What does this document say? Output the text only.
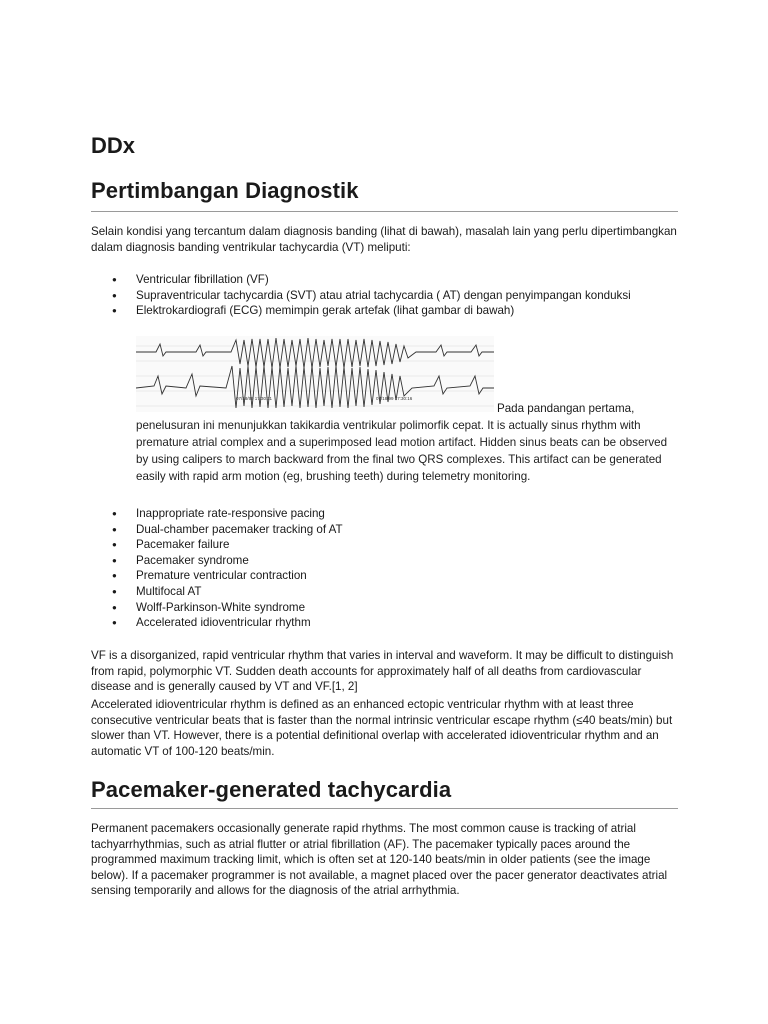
DDx
Pertimbangan Diagnostik

Selain kondisi yang tercantum dalam diagnosis banding (lihat di bawah), masalah lain yang perlu dipertimbangkan dalam diagnosis banding ventrikular tachycardia (VT) meliputi:

● Ventricular fibrillation (VF)
● Supraventricular tachycardia (SVT) atau atrial tachycardia ( AT) dengan penyimpangan konduksi
● Elektrokardiografi (ECG) memimpin gerak artefak (lihat gambar di bawah)
07/18/99 17:30:11	07/18/99 17:30:16

Pada pandangan pertama,

penelusuran ini menunjukkan takikardia ventrikular polimorfik cepat. It is actually sinus rhythm with premature atrial complex and a superimposed lead motion artifact. Hidden sinus beats can be observed by using calipers to march backward from the final two QRS complexes. This artifact can be generated easily with rapid arm motion (eg, brushing teeth) during telemetry monitoring.

● Inappropriate rate-responsive pacing
● Dual-chamber pacemaker tracking of AT
● Pacemaker failure
● Pacemaker syndrome
● Premature ventricular contraction
● Multifocal AT
● Wolff-Parkinson-White syndrome
● Accelerated idioventricular rhythm

VF is a disorganized, rapid ventricular rhythm that varies in interval and waveform. It may be difficult to distinguish from rapid, polymorphic VT. Sudden death accounts for approximately half of all deaths from cardiovascular disease and is generally caused by VT and VF.[1, 2]

Accelerated idioventricular rhythm is defined as an enhanced ectopic ventricular rhythm with at least three consecutive ventricular beats that is faster than the normal intrinsic ventricular escape rhythm (≤40 beats/min) but slower than VT. However, there is a potential definitional overlap with accelerated idioventricular rhythm and an automatic VT of 100-120 beats/min.

Pacemaker-generated tachycardia

Permanent pacemakers occasionally generate rapid rhythms. The most common cause is tracking of atrial tachyarrhythmias, such as atrial flutter or atrial fibrillation (AF). The pacemaker typically paces around the programmed maximum tracking limit, which is often set at 120-140 beats/min in older patients (see the image below). If a pacemaker programmer is not available, a magnet placed over the pacer generator deactivates atrial sensing temporarily and allows for the diagnosis of the atrial arrhythmia.
